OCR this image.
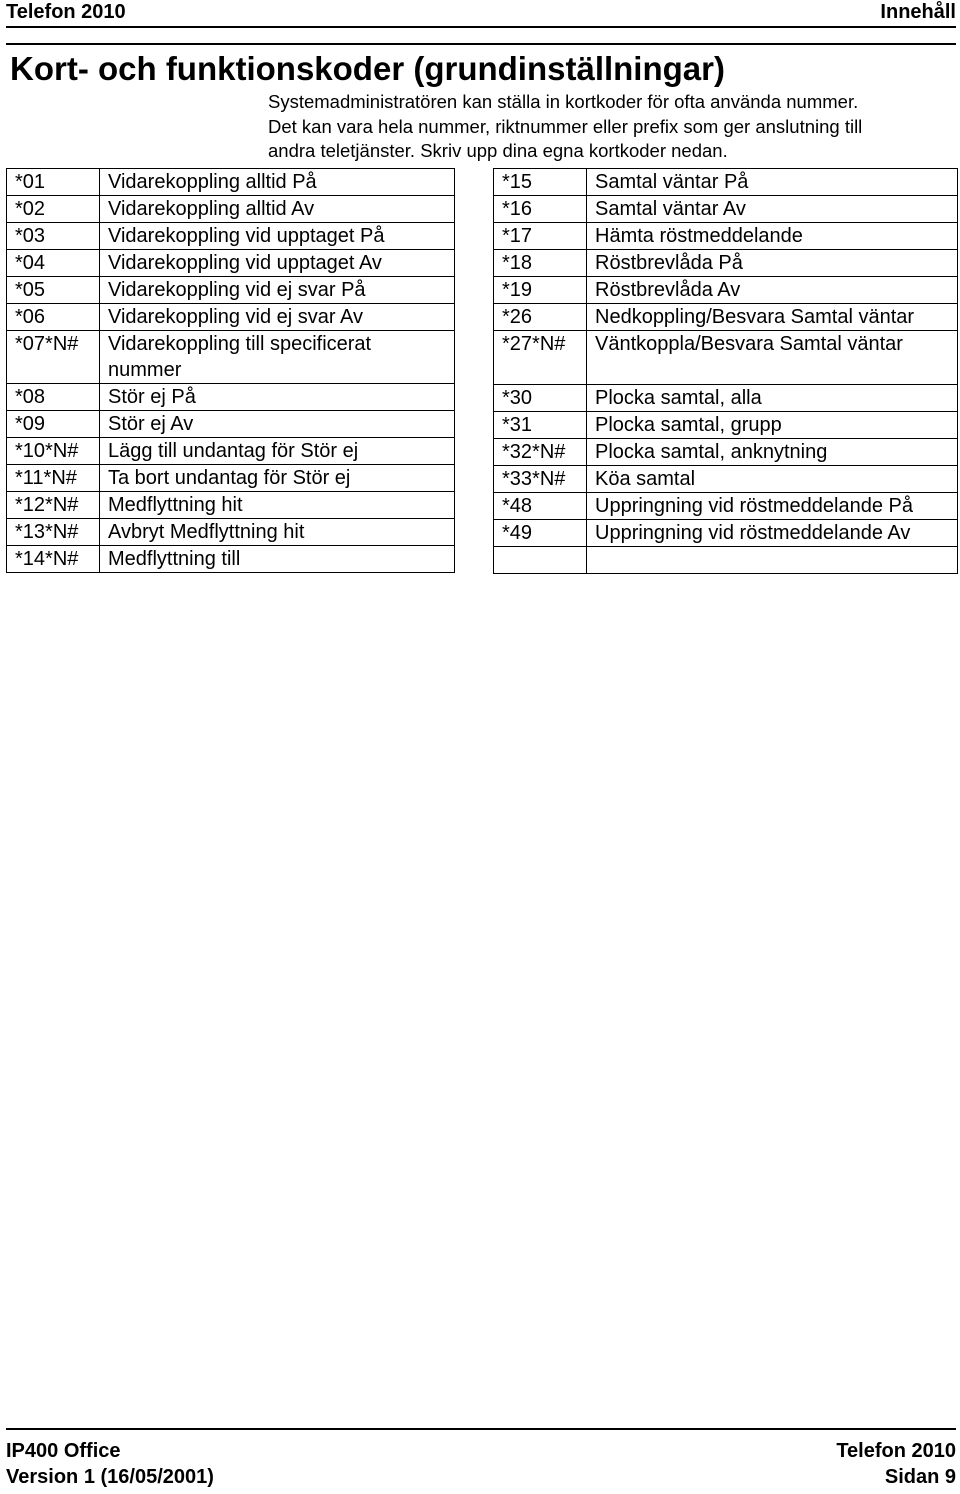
Telefon 2010	Innehåll
Kort- och funktionskoder (grundinställningar)
Systemadministratören kan ställa in kortkoder för ofta använda nummer.
Det kan vara hela nummer, riktnummer eller prefix som ger anslutning till
andra teletjänster. Skriv upp dina egna kortkoder nedan.
*01	Vidarekoppling alltid På
*02	Vidarekoppling alltid Av
*03	Vidarekoppling vid upptaget På
*04	Vidarekoppling vid upptaget Av
*05	Vidarekoppling vid ej svar På
*06	Vidarekoppling vid ej svar Av
*07*N#	Vidarekoppling till specificerat nummer
*08	Stör ej På
*09	Stör ej Av
*10*N#	Lägg till undantag för Stör ej
*11*N#	Ta bort undantag för Stör ej
*12*N#	Medflyttning hit
*13*N#	Avbryt Medflyttning hit
*14*N#	Medflyttning till
*15	Samtal väntar På
*16	Samtal väntar Av
*17	Hämta röstmeddelande
*18	Röstbrevlåda På
*19	Röstbrevlåda Av
*26	Nedkoppling/Besvara Samtal väntar
*27*N#	Väntkoppla/Besvara Samtal väntar
*30	Plocka samtal, alla
*31	Plocka samtal, grupp
*32*N#	Plocka samtal, anknytning
*33*N#	Köa samtal
*48	Uppringning vid röstmeddelande På
*49	Uppringning vid röstmeddelande Av

IP400 Office	Telefon 2010
Version 1 (16/05/2001)	Sidan 9
